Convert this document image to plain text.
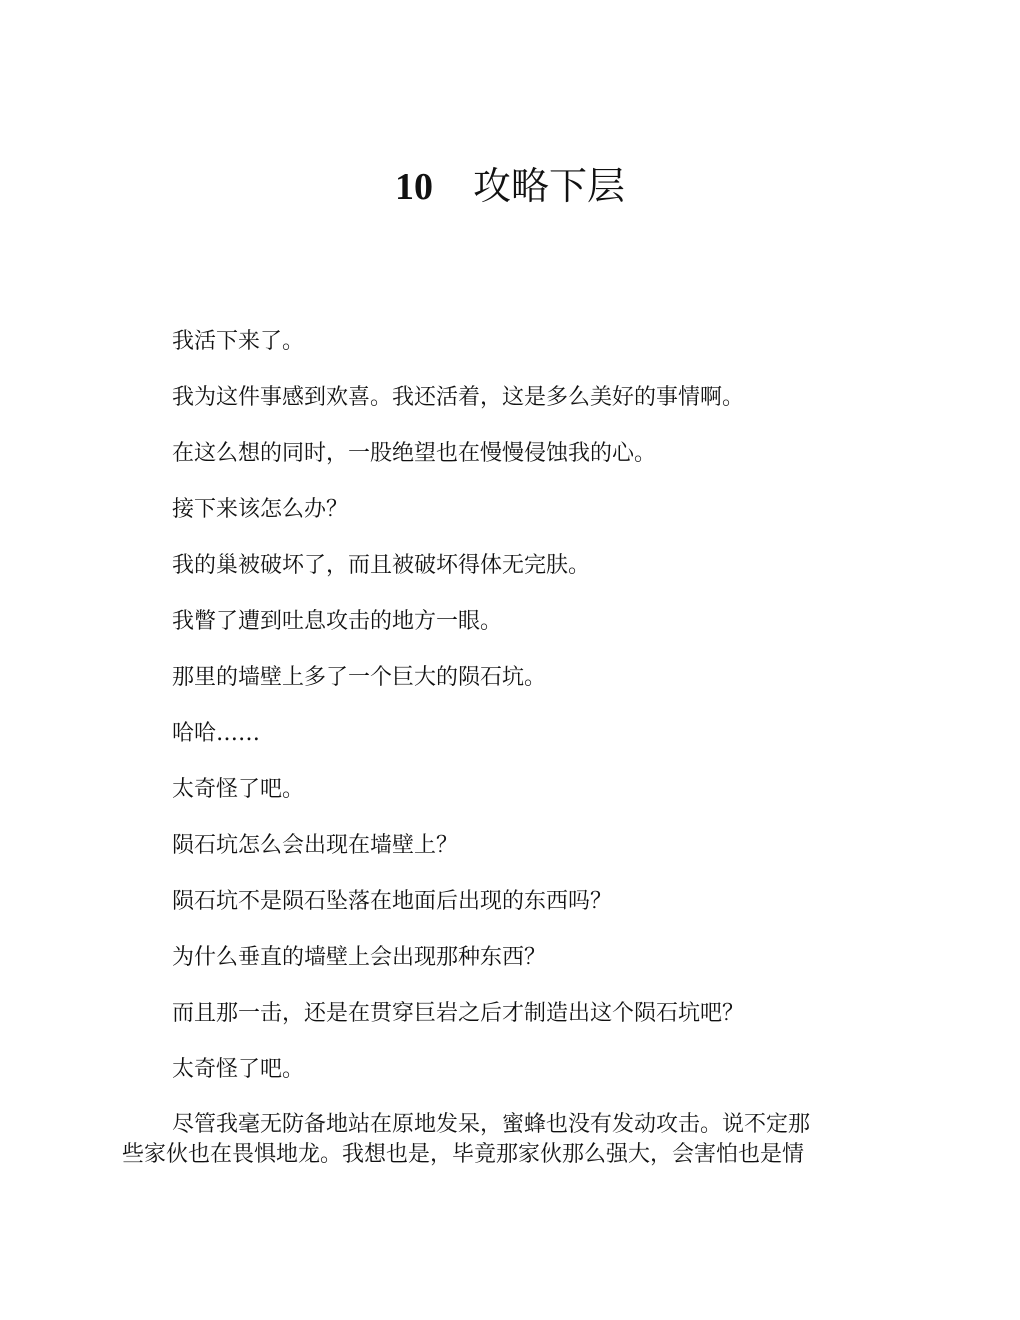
10 攻略下层

我活下来了。

我为这件事感到欢喜。我还活着，这是多么美好的事情啊。

在这么想的同时，一股绝望也在慢慢侵蚀我的心。

接下来该怎么办？

我的巢被破坏了，而且被破坏得体无完肤。

我瞥了遭到吐息攻击的地方一眼。

那里的墙壁上多了一个巨大的陨石坑。

哈哈……

太奇怪了吧。

陨石坑怎么会出现在墙壁上？

陨石坑不是陨石坠落在地面后出现的东西吗？

为什么垂直的墙壁上会出现那种东西？

而且那一击，还是在贯穿巨岩之后才制造出这个陨石坑吧？

太奇怪了吧。

尽管我毫无防备地站在原地发呆，蜜蜂也没有发动攻击。说不定那
些家伙也在畏惧地龙。我想也是，毕竟那家伙那么强大，会害怕也是情
